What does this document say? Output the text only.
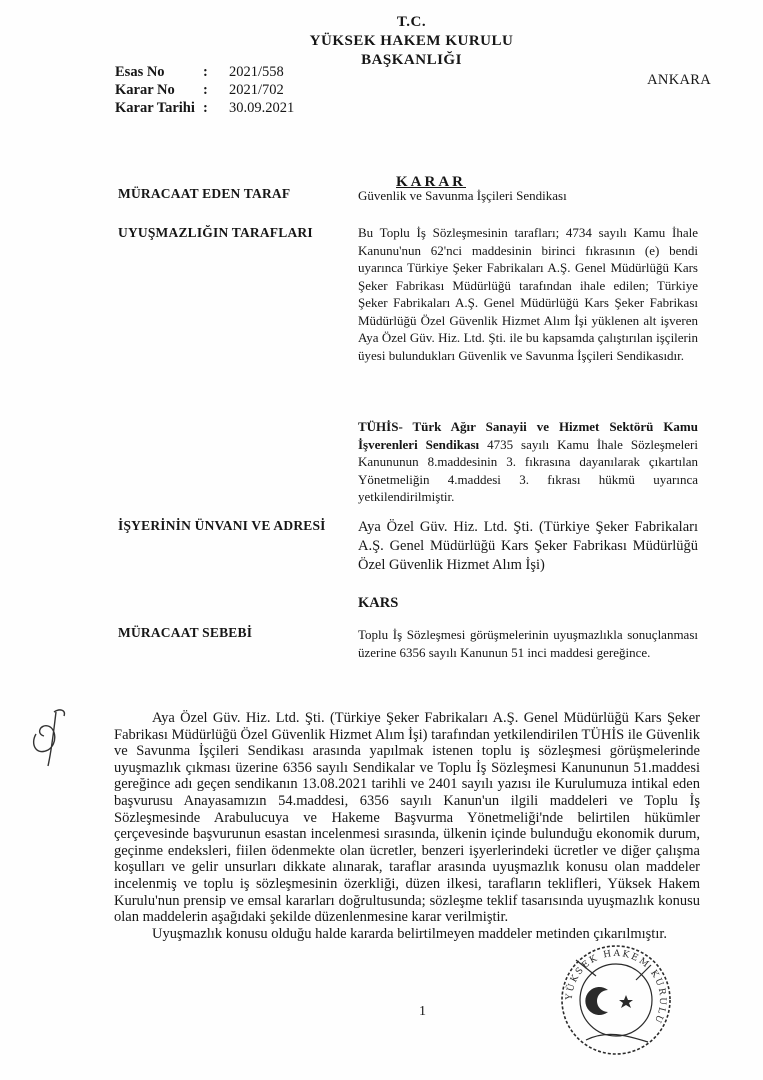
T.C.
YÜKSEK HAKEM KURULU
BAŞKANLIĞI
Esas No	:	2021/558
Karar No	:	2021/702
Karar Tarihi :	30.09.2021
ANKARA
KARAR
MÜRACAAT EDEN TARAF	Güvenlik ve Savunma İşçileri Sendikası
UYUŞMAZLIĞIN TARAFLARI	Bu Toplu İş Sözleşmesinin tarafları; 4734 sayılı Kamu İhale Kanunu'nun 62'nci maddesinin birinci fıkrasının (e) bendi uyarınca Türkiye Şeker Fabrikaları A.Ş. Genel Müdürlüğü Kars Şeker Fabrikası Müdürlüğü tarafından ihale edilen; Türkiye Şeker Fabrikaları A.Ş. Genel Müdürlüğü Kars Şeker Fabrikası Müdürlüğü Özel Güvenlik Hizmet Alım İşi yüklenen alt işveren Aya Özel Güv. Hiz. Ltd. Şti. ile bu kapsamda çalıştırılan işçilerin üyesi bulundukları Güvenlik ve Savunma İşçileri Sendikasıdır.
TÜHİS- Türk Ağır Sanayii ve Hizmet Sektörü Kamu İşverenleri Sendikası 4735 sayılı Kamu İhale Sözleşmeleri Kanununun 8.maddesinin 3. fıkrasına dayanılarak çıkartılan Yönetmeliğin 4.maddesi 3. fıkrası hükmü uyarınca yetkilendirilmiştir.
İŞYERİNİN ÜNVANI VE ADRESİ Aya Özel Güv. Hiz. Ltd. Şti. (Türkiye Şeker Fabrikaları A.Ş. Genel Müdürlüğü Kars Şeker Fabrikası Müdürlüğü Özel Güvenlik Hizmet Alım İşi)
KARS
MÜRACAAT SEBEBİ	Toplu İş Sözleşmesi görüşmelerinin uyuşmazlıkla sonuçlanması üzerine 6356 sayılı Kanunun 51 inci maddesi gereğince.

Aya Özel Güv. Hiz. Ltd. Şti. (Türkiye Şeker Fabrikaları A.Ş. Genel Müdürlüğü Kars Şeker Fabrikası Müdürlüğü Özel Güvenlik Hizmet Alım İşi) tarafından yetkilendirilen TÜHİS ile Güvenlik ve Savunma İşçileri Sendikası arasında yapılmak istenen toplu iş sözleşmesi görüşmelerinde uyuşmazlık çıkması üzerine 6356 sayılı Sendikalar ve Toplu İş Sözleşmesi Kanununun 51.maddesi gereğince adı geçen sendikanın 13.08.2021 tarihli ve 2401 sayılı yazısı ile Kurulumuza intikal eden başvurusu Anayasamızın 54.maddesi, 6356 sayılı Kanun'un ilgili maddeleri ve Toplu İş Sözleşmesinde Arabulucuya ve Hakeme Başvurma Yönetmeliği'nde belirtilen hükümler çerçevesinde başvurunun esastan incelenmesi sırasında, ülkenin içinde bulunduğu ekonomik durum, geçinme endeksleri, fiilen ödenmekte olan ücretler, benzeri işyerlerindeki ücretler ve diğer çalışma koşulları ve gelir unsurları dikkate alınarak, taraflar arasında uyuşmazlık konusu olan maddeler incelenmiş ve toplu iş sözleşmesinin özerkliği, düzen ilkesi, tarafların teklifleri, Yüksek Hakem Kurulu'nun prensip ve emsal kararları doğrultusunda; sözleşme teklif tasarısında uyuşmazlık konusu olan maddelerin aşağıdaki şekilde düzenlenmesine karar verilmiştir.

Uyuşmazlık konusu olduğu halde kararda belirtilmeyen maddeler metinden çıkarılmıştır.

1
YÜKSEK HAKEM KURULU
